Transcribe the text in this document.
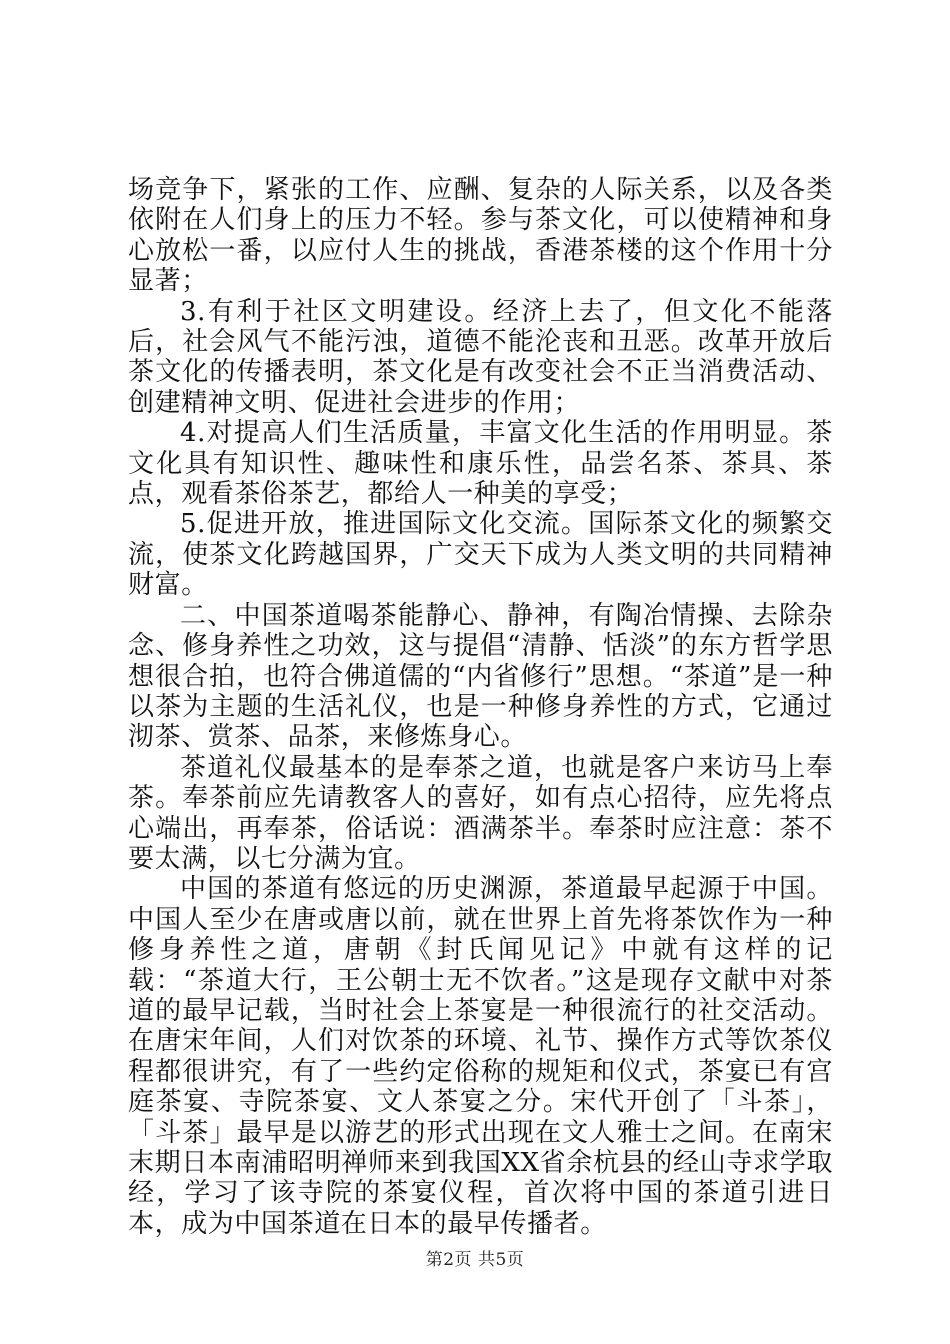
场竞争下，紧张的工作、应酬、复杂的人际关系，以及各类依附在人们身上的压力不轻。参与茶文化，可以使精神和身心放松一番，以应付人生的挑战，香港茶楼的这个作用十分显著；

3.有利于社区文明建设。经济上去了，但文化不能落后，社会风气不能污浊，道德不能沦丧和丑恶。改革开放后茶文化的传播表明，茶文化是有改变社会不正当消费活动、创建精神文明、促进社会进步的作用；

4.对提高人们生活质量，丰富文化生活的作用明显。茶文化具有知识性、趣味性和康乐性，品尝名茶、茶具、茶点，观看茶俗茶艺，都给人一种美的享受；

5.促进开放，推进国际文化交流。国际茶文化的频繁交流，使茶文化跨越国界，广交天下成为人类文明的共同精神财富。

二、中国茶道喝茶能静心、静神，有陶冶情操、去除杂念、修身养性之功效，这与提倡“清静、恬淡”的东方哲学思想很合拍，也符合佛道儒的“内省修行”思想。“茶道”是一种以茶为主题的生活礼仪，也是一种修身养性的方式，它通过沏茶、赏茶、品茶，来修炼身心。

茶道礼仪最基本的是奉茶之道，也就是客户来访马上奉茶。奉茶前应先请教客人的喜好，如有点心招待，应先将点心端出，再奉茶，俗话说：酒满茶半。奉茶时应注意：茶不要太满，以七分满为宜。

中国的茶道有悠远的历史渊源，茶道最早起源于中国。中国人至少在唐或唐以前，就在世界上首先将茶饮作为一种修身养性之道，唐朝《封氏闻见记》中就有这样的记载：“茶道大行，王公朝士无不饮者。”这是现存文献中对茶道的最早记载，当时社会上茶宴是一种很流行的社交活动。在唐宋年间，人们对饮茶的环境、礼节、操作方式等饮茶仪程都很讲究，有了一些约定俗称的规矩和仪式，茶宴已有宫庭茶宴、寺院茶宴、文人茶宴之分。宋代开创了「斗茶」，「斗茶」最早是以游艺的形式出现在文人雅士之间。在南宋末期日本南浦昭明禅师来到我国XX省余杭县的经山寺求学取经，学习了该寺院的茶宴仪程，首次将中国的茶道引进日本，成为中国茶道在日本的最早传播者。

第2页 共5页
